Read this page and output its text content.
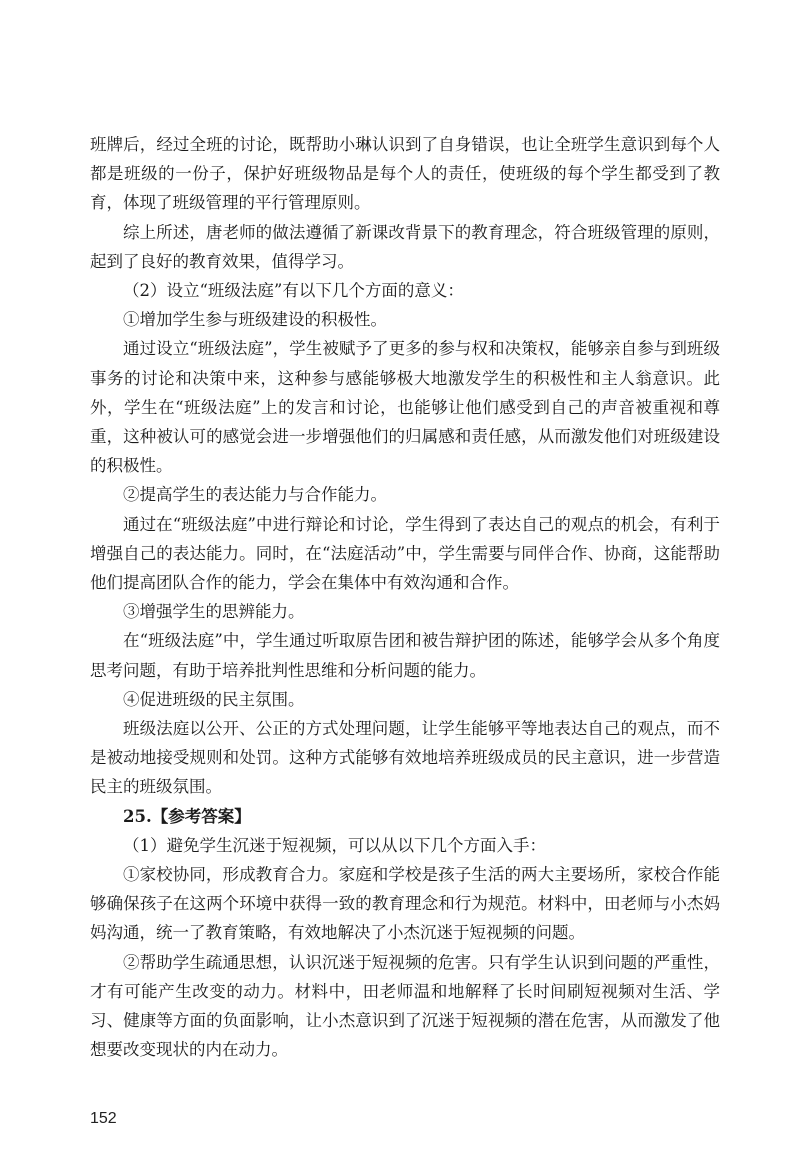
班牌后，经过全班的讨论，既帮助小琳认识到了自身错误，也让全班学生意识到每个人都是班级的一份子，保护好班级物品是每个人的责任，使班级的每个学生都受到了教育，体现了班级管理的平行管理原则。

综上所述，唐老师的做法遵循了新课改背景下的教育理念，符合班级管理的原则，起到了良好的教育效果，值得学习。

（2）设立“班级法庭”有以下几个方面的意义：

①增加学生参与班级建设的积极性。

通过设立“班级法庭”，学生被赋予了更多的参与权和决策权，能够亲自参与到班级事务的讨论和决策中来，这种参与感能够极大地激发学生的积极性和主人翁意识。此外，学生在“班级法庭”上的发言和讨论，也能够让他们感受到自己的声音被重视和尊重，这种被认可的感觉会进一步增强他们的归属感和责任感，从而激发他们对班级建设的积极性。

②提高学生的表达能力与合作能力。

通过在“班级法庭”中进行辩论和讨论，学生得到了表达自己的观点的机会，有利于增强自己的表达能力。同时，在“法庭活动”中，学生需要与同伴合作、协商，这能帮助他们提高团队合作的能力，学会在集体中有效沟通和合作。

③增强学生的思辨能力。

在“班级法庭”中，学生通过听取原告团和被告辩护团的陈述，能够学会从多个角度思考问题，有助于培养批判性思维和分析问题的能力。

④促进班级的民主氛围。

班级法庭以公开、公正的方式处理问题，让学生能够平等地表达自己的观点，而不是被动地接受规则和处罚。这种方式能够有效地培养班级成员的民主意识，进一步营造民主的班级氛围。

25.【参考答案】

（1）避免学生沉迷于短视频，可以从以下几个方面入手：

①家校协同，形成教育合力。家庭和学校是孩子生活的两大主要场所，家校合作能够确保孩子在这两个环境中获得一致的教育理念和行为规范。材料中，田老师与小杰妈妈沟通，统一了教育策略，有效地解决了小杰沉迷于短视频的问题。

②帮助学生疏通思想，认识沉迷于短视频的危害。只有学生认识到问题的严重性，才有可能产生改变的动力。材料中，田老师温和地解释了长时间刷短视频对生活、学习、健康等方面的负面影响，让小杰意识到了沉迷于短视频的潜在危害，从而激发了他想要改变现状的内在动力。

152
